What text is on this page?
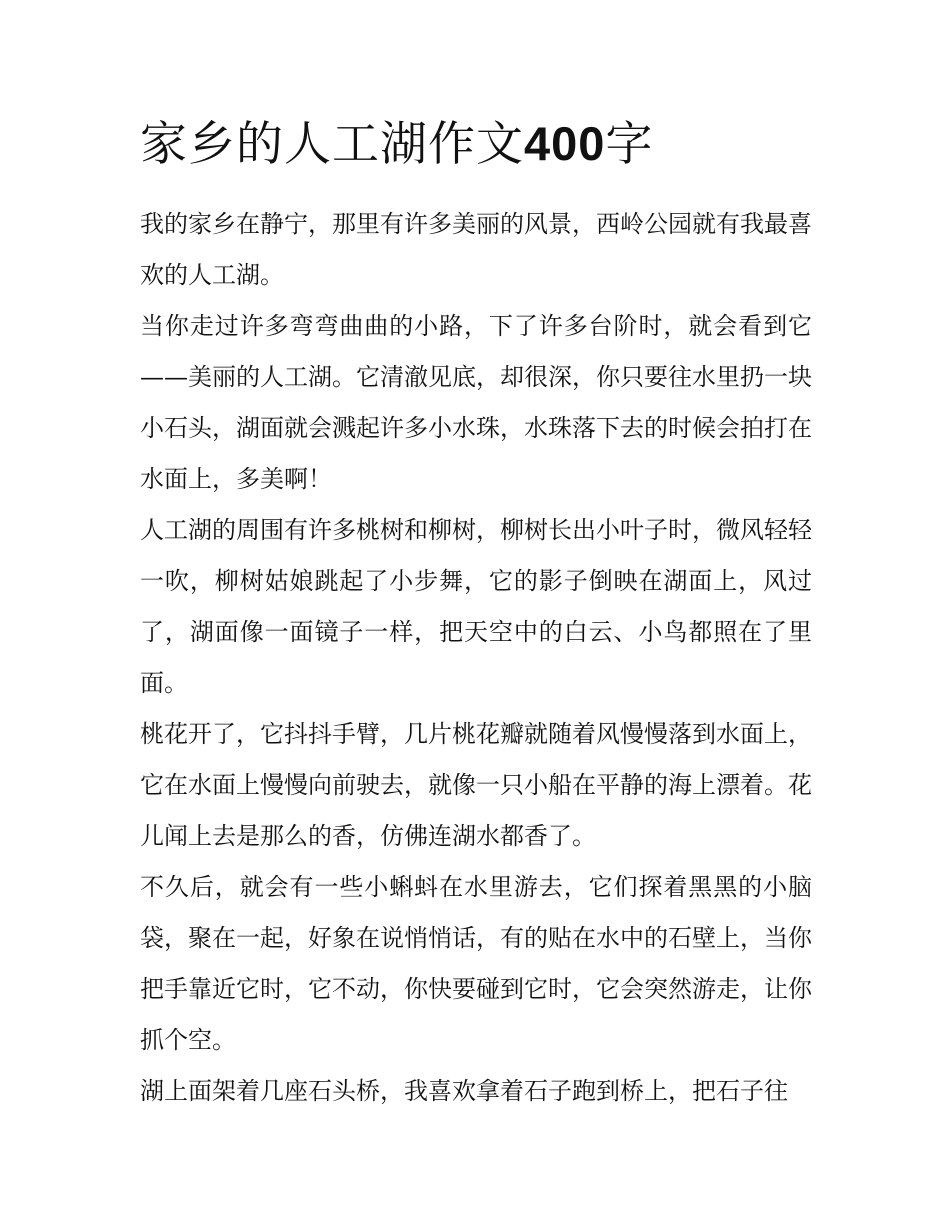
家乡的人工湖作文400字

我的家乡在静宁，那里有许多美丽的风景，西岭公园就有我最喜欢的人工湖。

当你走过许多弯弯曲曲的小路，下了许多台阶时，就会看到它——美丽的人工湖。它清澈见底，却很深，你只要往水里扔一块小石头，湖面就会溅起许多小水珠，水珠落下去的时候会拍打在水面上，多美啊！

人工湖的周围有许多桃树和柳树，柳树长出小叶子时，微风轻轻一吹，柳树姑娘跳起了小步舞，它的影子倒映在湖面上，风过了，湖面像一面镜子一样，把天空中的白云、小鸟都照在了里面。

桃花开了，它抖抖手臂，几片桃花瓣就随着风慢慢落到水面上，它在水面上慢慢向前驶去，就像一只小船在平静的海上漂着。花儿闻上去是那么的香，仿佛连湖水都香了。

不久后，就会有一些小蝌蚪在水里游去，它们探着黑黑的小脑袋，聚在一起，好象在说悄悄话，有的贴在水中的石壁上，当你把手靠近它时，它不动，你快要碰到它时，它会突然游走，让你抓个空。

湖上面架着几座石头桥，我喜欢拿着石子跑到桥上，把石子往
